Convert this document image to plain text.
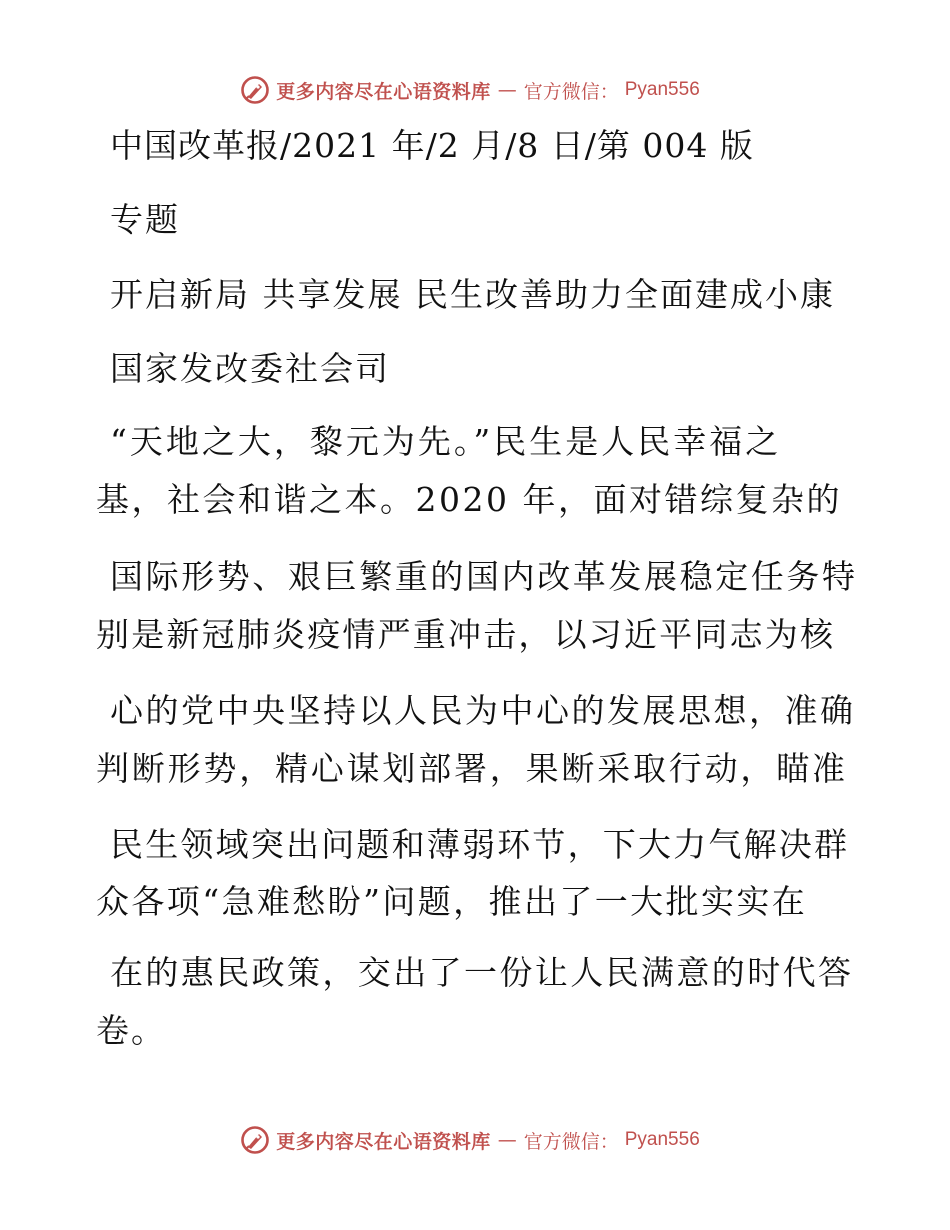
更多内容尽在心语资料库 — 官方微信： Pyan556
中国改革报/2021 年/2 月/8 日/第 004 版
专题
开启新局 共享发展 民生改善助力全面建成小康
国家发改委社会司
“天地之大，黎元为先。”民生是人民幸福之
基，社会和谐之本。2020 年，面对错综复杂的
国际形势、艰巨繁重的国内改革发展稳定任务特
别是新冠肺炎疫情严重冲击，以习近平同志为核
心的党中央坚持以人民为中心的发展思想，准确
判断形势，精心谋划部署，果断采取行动，瞄准
民生领域突出问题和薄弱环节，下大力气解决群
众各项“急难愁盼”问题，推出了一大批实实在
在的惠民政策，交出了一份让人民满意的时代答
卷。
更多内容尽在心语资料库 — 官方微信： Pyan556
